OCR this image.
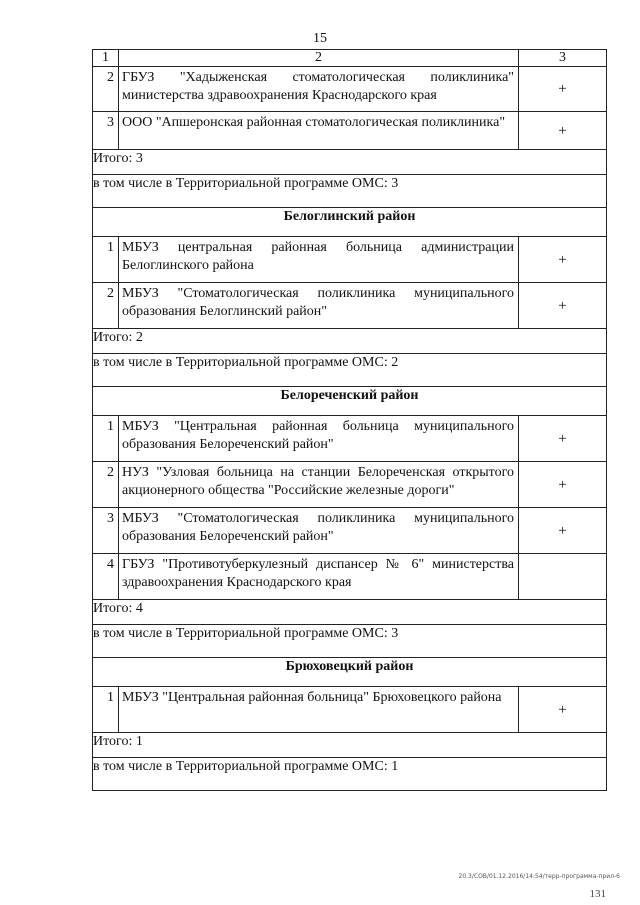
15
1	2	3
2	ГБУЗ "Хадыженская стоматологическая поликлиника" министерства здравоохранения Краснодарского края	+
3	ООО "Апшеронская районная стоматологическая поликлиника"	+
Итого: 3		
в том числе в Территориальной программе ОМС: 3		
Белоглинский район		
1	МБУЗ центральная районная больница администрации Белоглинского района	+
2	МБУЗ "Стоматологическая поликлиника муниципального образования Белоглинский район"	+
Итого: 2		
в том числе в Территориальной программе ОМС: 2		
Белореченский район		
1	МБУЗ "Центральная районная больница муниципального образования Белореченский район"	+
2	НУЗ "Узловая больница на станции Белореченская открытого акционерного общества "Российские железные дороги"	+
3	МБУЗ "Стоматологическая поликлиника муниципального образования Белореченский район"	+
4	ГБУЗ "Противотуберкулезный диспансер № 6" министерства здравоохранения Краснодарского края	
Итого: 4		
в том числе в Территориальной программе ОМС: 3		
Брюховецкий район		
1	МБУЗ "Центральная районная больница" Брюховецкого района	+
Итого: 1		
в том числе в Территориальной программе ОМС: 1		
20.3/СОВ/01.12.2016/14:54/терр-программа-прил-6
131
